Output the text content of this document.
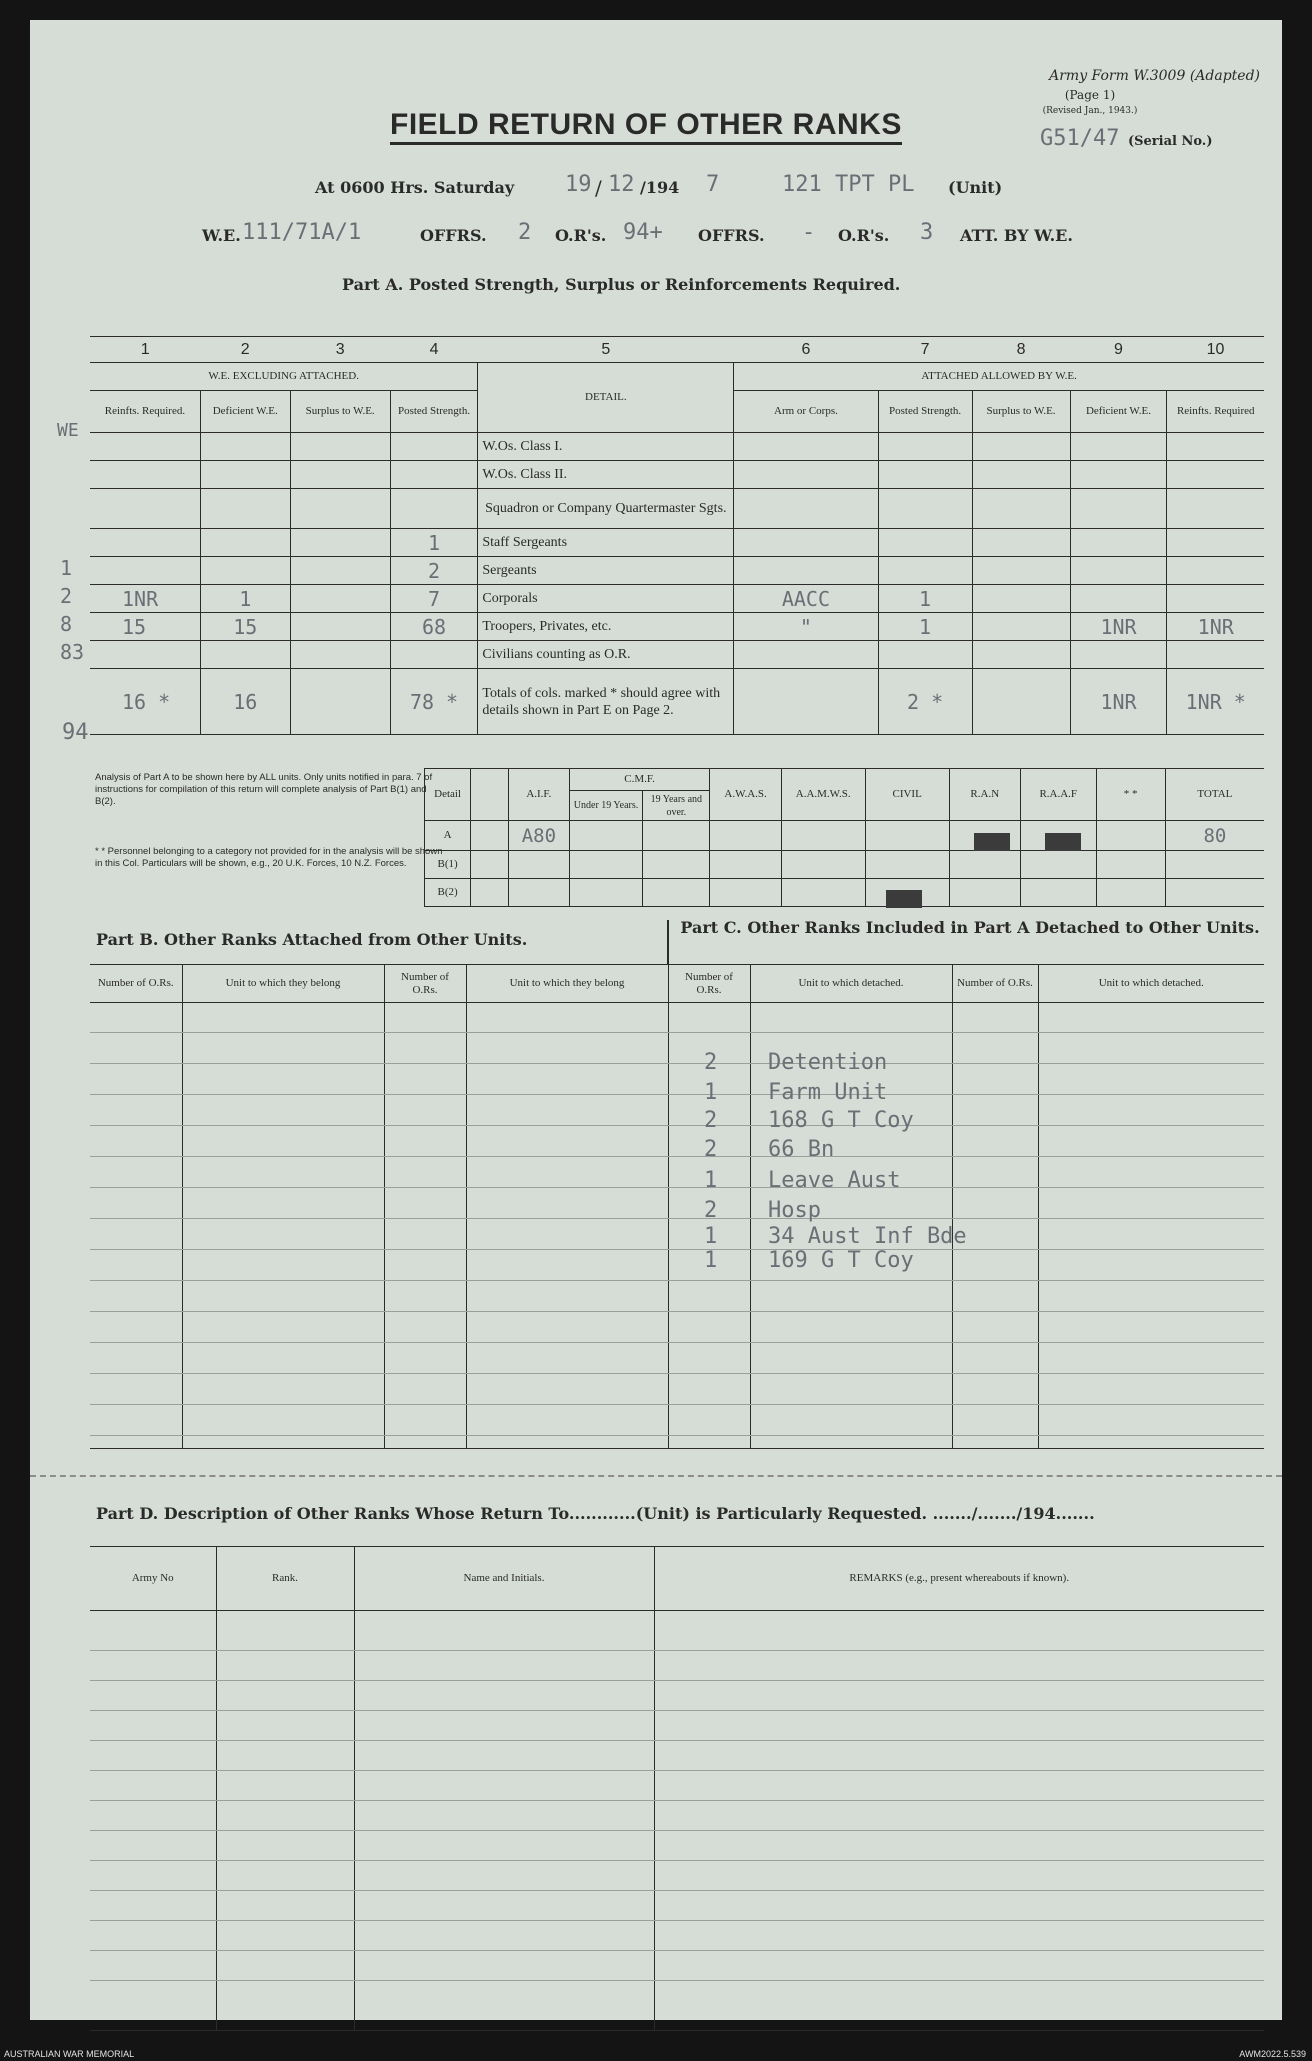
Army Form W.3009 (Adapted)
(Page 1)
(Revised Jan., 1943.)
G51/47 (Serial No.)
FIELD RETURN OF OTHER RANKS
At 0600 Hrs. Saturday 19 / 12 /194 7	121 TPT PL (Unit)
W.E. 111/71A/1	OFFRS. 2 O.R's. 94+ OFFRS. - O.R's. 3 ATT. BY W.E.
Part A. Posted Strength, Surplus or Reinforcements Required.
1	2	3	4	5	6	7	8	9	10
W.E. EXCLUDING ATTACHED.				DETAIL.	ATTACHED ALLOWED BY W.E.				
Reinfts. Required.	Deficient W.E.	Surplus to W.E.	Posted Strength.		Arm or Corps.	Posted Strength.	Surplus to W.E.	Deficient W.E.	Reinfts. Required
				W.Os. Class I.					
				W.Os. Class II.					
				Squadron or Company Quartermaster Sgts.					
			1	Staff Sergeants					
			2	Sergeants					
1NR	1		7	Corporals	AACC	1			
15	15		68	Troopers, Privates, etc.	"	1		1NR	1NR
				Civilians counting as O.R.					
16 *	16		78 *	Totals of cols. marked * should agree with details shown in Part E on Page 2.		2 *		1NR	1NR *
WE
1
2
8
83
94
Analysis of Part A to be shown here by ALL units. Only units notified in para. 7 of instructions for compilation of this return will complete analysis of Part B(1) and B(2).
* * Personnel belonging to a category not provided for in the analysis will be shown in this Col. Particulars will be shown, e.g., 20 U.K. Forces, 10 N.Z. Forces.
Detail		A.I.F.	C.M.F.		A.W.A.S.	A.A.M.W.S.	CIVIL	R.A.N	R.A.A.F	* *	TOTAL
			Under 19 Years.	19 Years and over.							
A		A80									80
B(1)											
B(2)											
Part B. Other Ranks Attached from Other Units.
Part C. Other Ranks Included in Part A Detached to Other Units.
Number of O.Rs.	Unit to which they belong	Number of O.Rs.	Unit to which they belong	Number of O.Rs.	Unit to which detached.	Number of O.Rs.	Unit to which detached.

2 Detention
1 Farm Unit
2 168 G T Coy
2 66 Bn
1 Leave Aust
2 Hosp
1 34 Aust Inf Bde
1 169 G T Coy
Part D. Description of Other Ranks Whose Return To............(Unit) is Particularly Requested. ......./......./194.......
Army No	Rank.	Name and Initials.	REMARKS (e.g., present whereabouts if known).

AUSTRALIAN WAR MEMORIAL	AWM2022.5.539
